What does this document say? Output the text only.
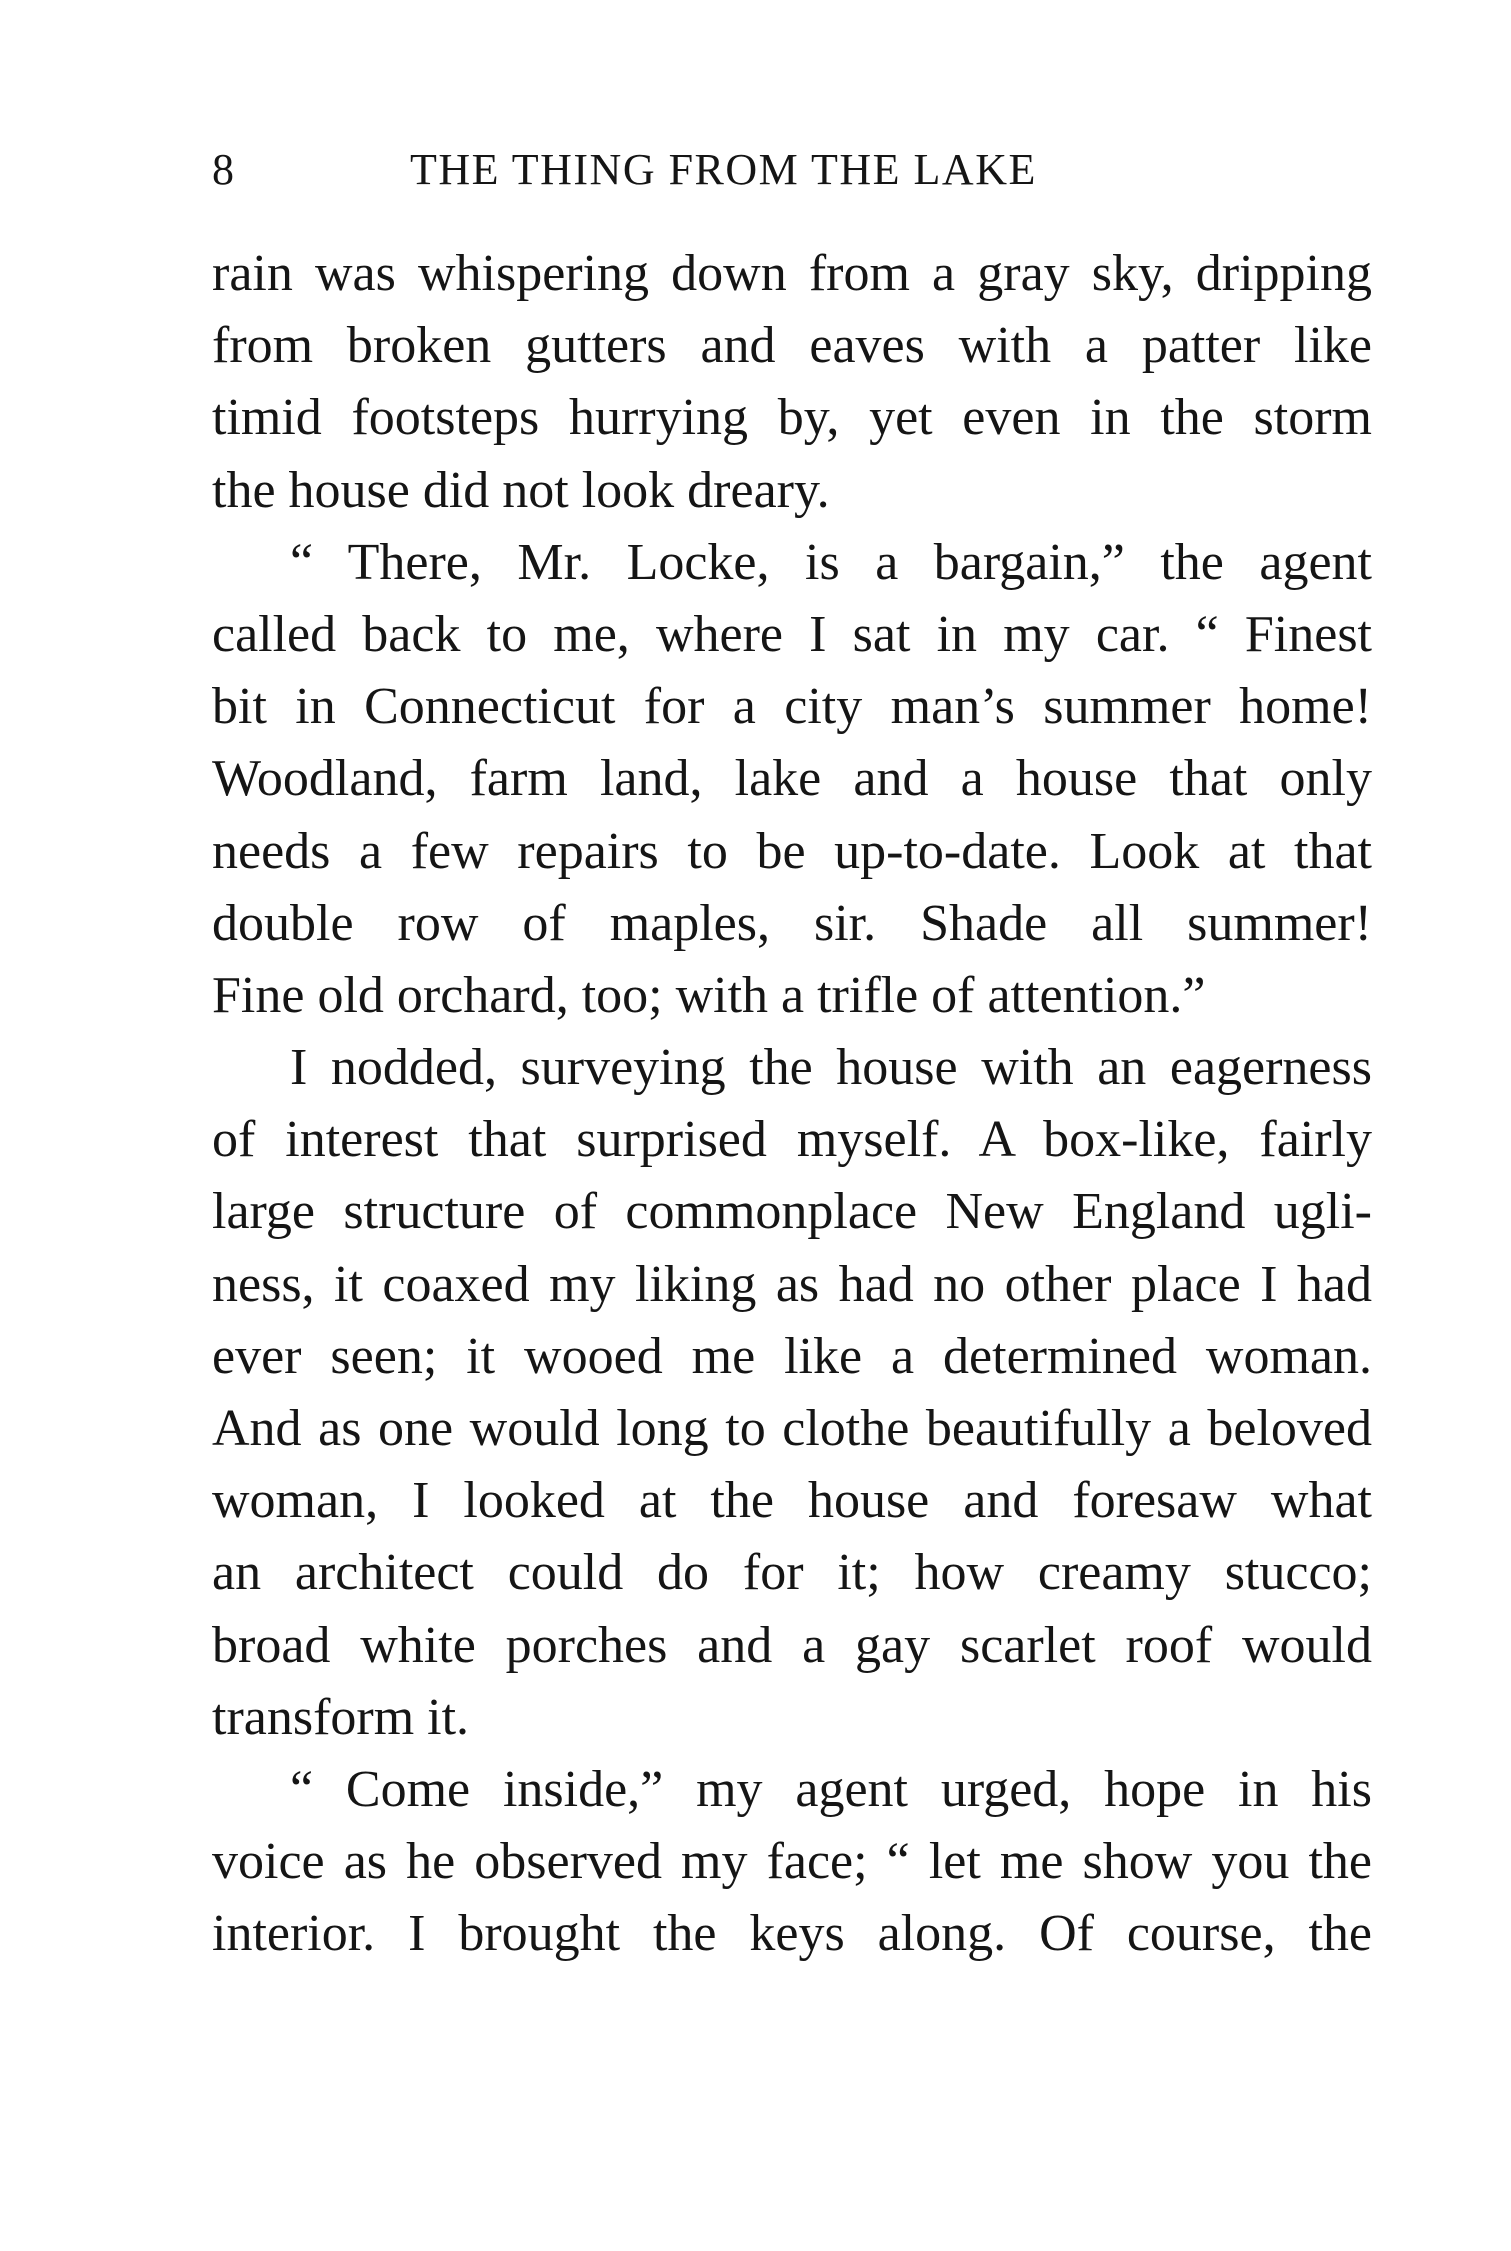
8	THE THING FROM THE LAKE
rain was whispering down from a gray sky, dripping
from broken gutters and eaves with a patter like
timid footsteps hurrying by, yet even in the storm
the house did not look dreary.
“ There, Mr. Locke, is a bargain,” the agent
called back to me, where I sat in my car. “ Finest
bit in Connecticut for a city man’s summer home!
Woodland, farm land, lake and a house that only
needs a few repairs to be up-to-date. Look at that
double row of maples, sir. Shade all summer!
Fine old orchard, too; with a trifle of attention.”
I nodded, surveying the house with an eagerness
of interest that surprised myself. A box-like, fairly
large structure of commonplace New England ugli-
ness, it coaxed my liking as had no other place I had
ever seen; it wooed me like a determined woman.
And as one would long to clothe beautifully a beloved
woman, I looked at the house and foresaw what
an architect could do for it; how creamy stucco;
broad white porches and a gay scarlet roof would
transform it.
“ Come inside,” my agent urged, hope in his
voice as he observed my face; “ let me show you the
interior. I brought the keys along. Of course, the
